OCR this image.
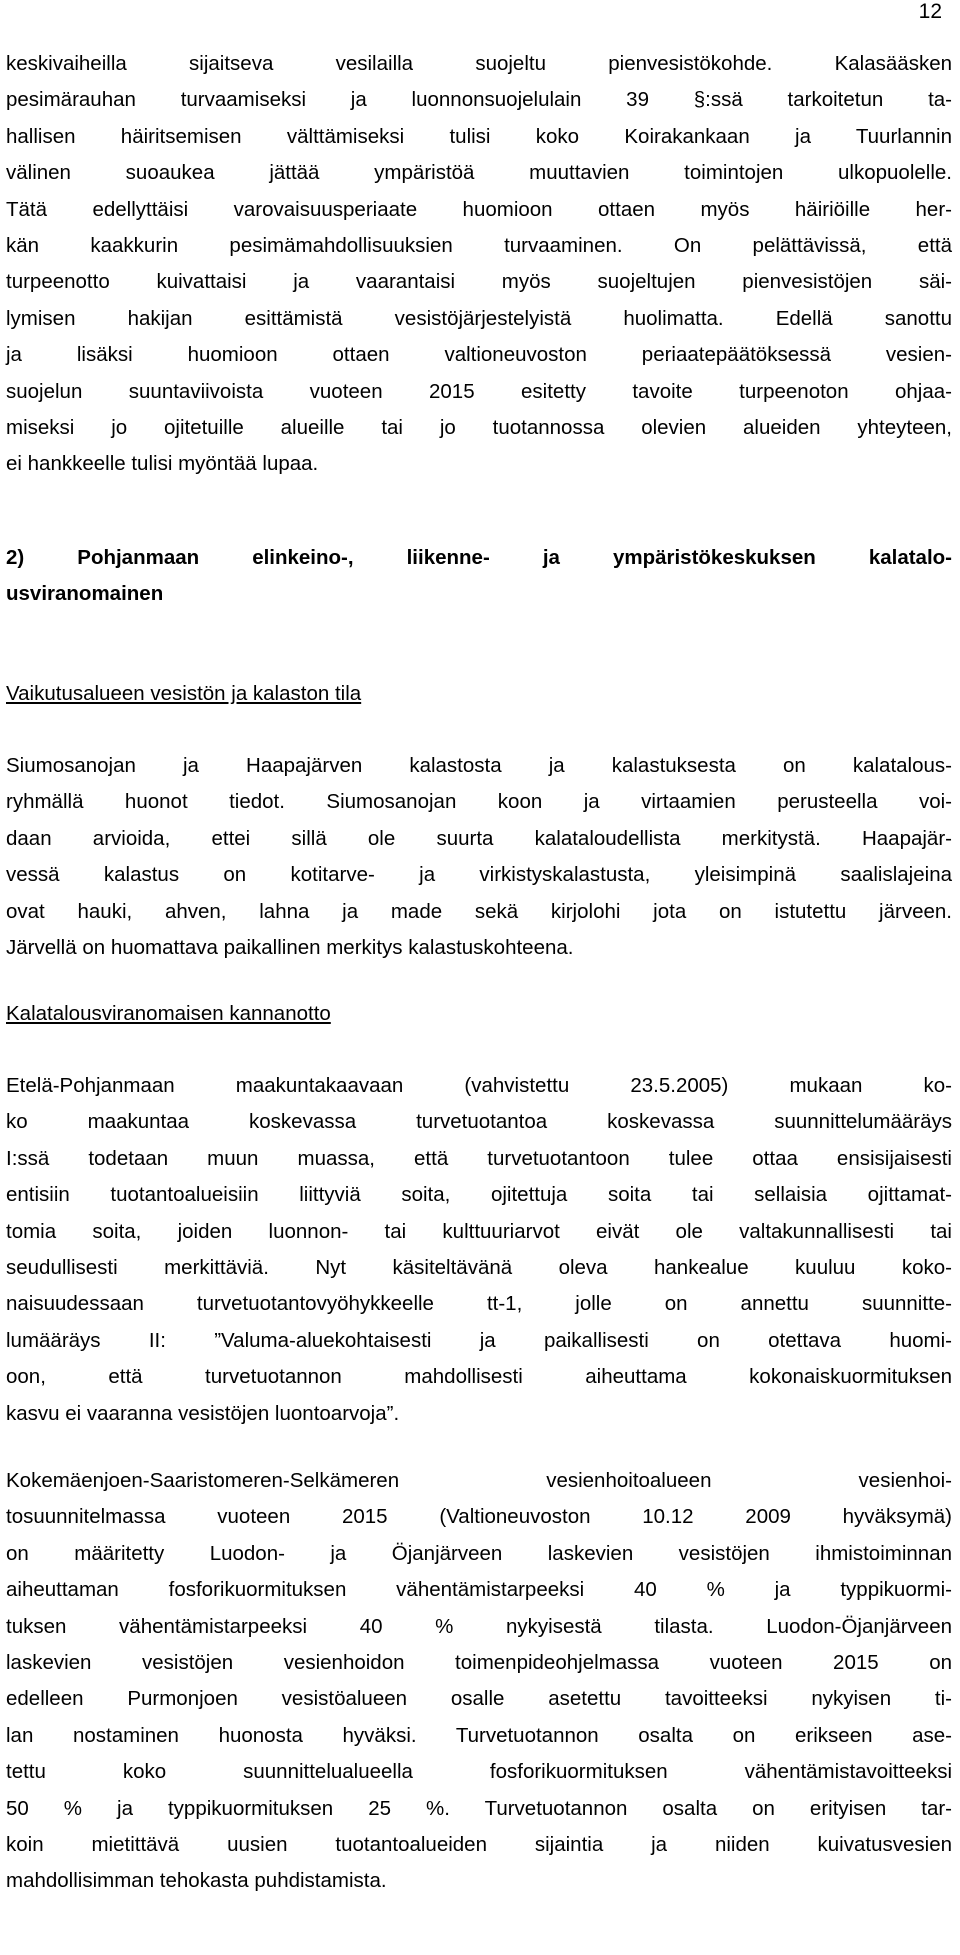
12
keskivaiheilla sijaitseva vesilailla suojeltu pienvesistökohde. Kalasääsken
pesimärauhan turvaamiseksi ja luonnonsuojelulain 39 §:ssä tarkoitetun ta-
hallisen häiritsemisen välttämiseksi tulisi koko Koirakankaan ja Tuurlannin
välinen suoaukea jättää ympäristöä muuttavien toimintojen ulkopuolelle.
Tätä edellyttäisi varovaisuusperiaate huomioon ottaen myös häiriöille her-
kän kaakkurin pesimämahdollisuuksien turvaaminen. On pelättävissä, että
turpeenotto kuivattaisi ja vaarantaisi myös suojeltujen pienvesistöjen säi-
lymisen hakijan esittämistä vesistöjärjestelyistä huolimatta. Edellä sanottu
ja lisäksi huomioon ottaen valtioneuvoston periaatepäätöksessä vesien-
suojelun suuntaviivoista vuoteen 2015 esitetty tavoite turpeenoton ohjaa-
miseksi jo ojitetuille alueille tai jo tuotannossa olevien alueiden yhteyteen,
ei hankkeelle tulisi myöntää lupaa.
2) Pohjanmaan elinkeino-, liikenne- ja ympäristökeskuksen kalatalo-
usviranomainen
Vaikutusalueen vesistön ja kalaston tila
Siumosanojan ja Haapajärven kalastosta ja kalastuksesta on kalatalous-
ryhmällä huonot tiedot. Siumosanojan koon ja virtaamien perusteella voi-
daan arvioida, ettei sillä ole suurta kalataloudellista merkitystä. Haapajär-
vessä kalastus on kotitarve- ja virkistyskalastusta, yleisimpinä saalislajeina
ovat hauki, ahven, lahna ja made sekä kirjolohi jota on istutettu järveen.
Järvellä on huomattava paikallinen merkitys kalastuskohteena.
Kalatalousviranomaisen kannanotto
Etelä-Pohjanmaan maakuntakaavaan (vahvistettu 23.5.2005) mukaan ko-
ko maakuntaa koskevassa turvetuotantoa koskevassa suunnittelumääräys
I:ssä todetaan muun muassa, että turvetuotantoon tulee ottaa ensisijaisesti
entisiin tuotantoalueisiin liittyviä soita, ojitettuja soita tai sellaisia ojittamat-
tomia soita, joiden luonnon- tai kulttuuriarvot eivät ole valtakunnallisesti tai
seudullisesti merkittäviä. Nyt käsiteltävänä oleva hankealue kuuluu koko-
naisuudessaan turvetuotantovyöhykkeelle tt-1, jolle on annettu suunnitte-
lumääräys II: ”Valuma-aluekohtaisesti ja paikallisesti on otettava huomi-
oon, että turvetuotannon mahdollisesti aiheuttama kokonaiskuormituksen
kasvu ei vaaranna vesistöjen luontoarvoja”.
Kokemäenjoen-Saaristomeren-Selkämeren vesienhoitoalueen vesienhoi-
tosuunnitelmassa vuoteen 2015 (Valtioneuvoston 10.12 2009 hyväksymä)
on määritetty Luodon- ja Öjanjärveen laskevien vesistöjen ihmistoiminnan
aiheuttaman fosforikuormituksen vähentämistarpeeksi 40 % ja typpikuormi-
tuksen vähentämistarpeeksi 40 % nykyisestä tilasta. Luodon-Öjanjärveen
laskevien vesistöjen vesienhoidon toimenpideohjelmassa vuoteen 2015 on
edelleen Purmonjoen vesistöalueen osalle asetettu tavoitteeksi nykyisen ti-
lan nostaminen huonosta hyväksi. Turvetuotannon osalta on erikseen ase-
tettu koko suunnittelualueella fosforikuormituksen vähentämistavoitteeksi
50 % ja typpikuormituksen 25 %. Turvetuotannon osalta on erityisen tar-
koin mietittävä uusien tuotantoalueiden sijaintia ja niiden kuivatusvesien
mahdollisimman tehokasta puhdistamista.
